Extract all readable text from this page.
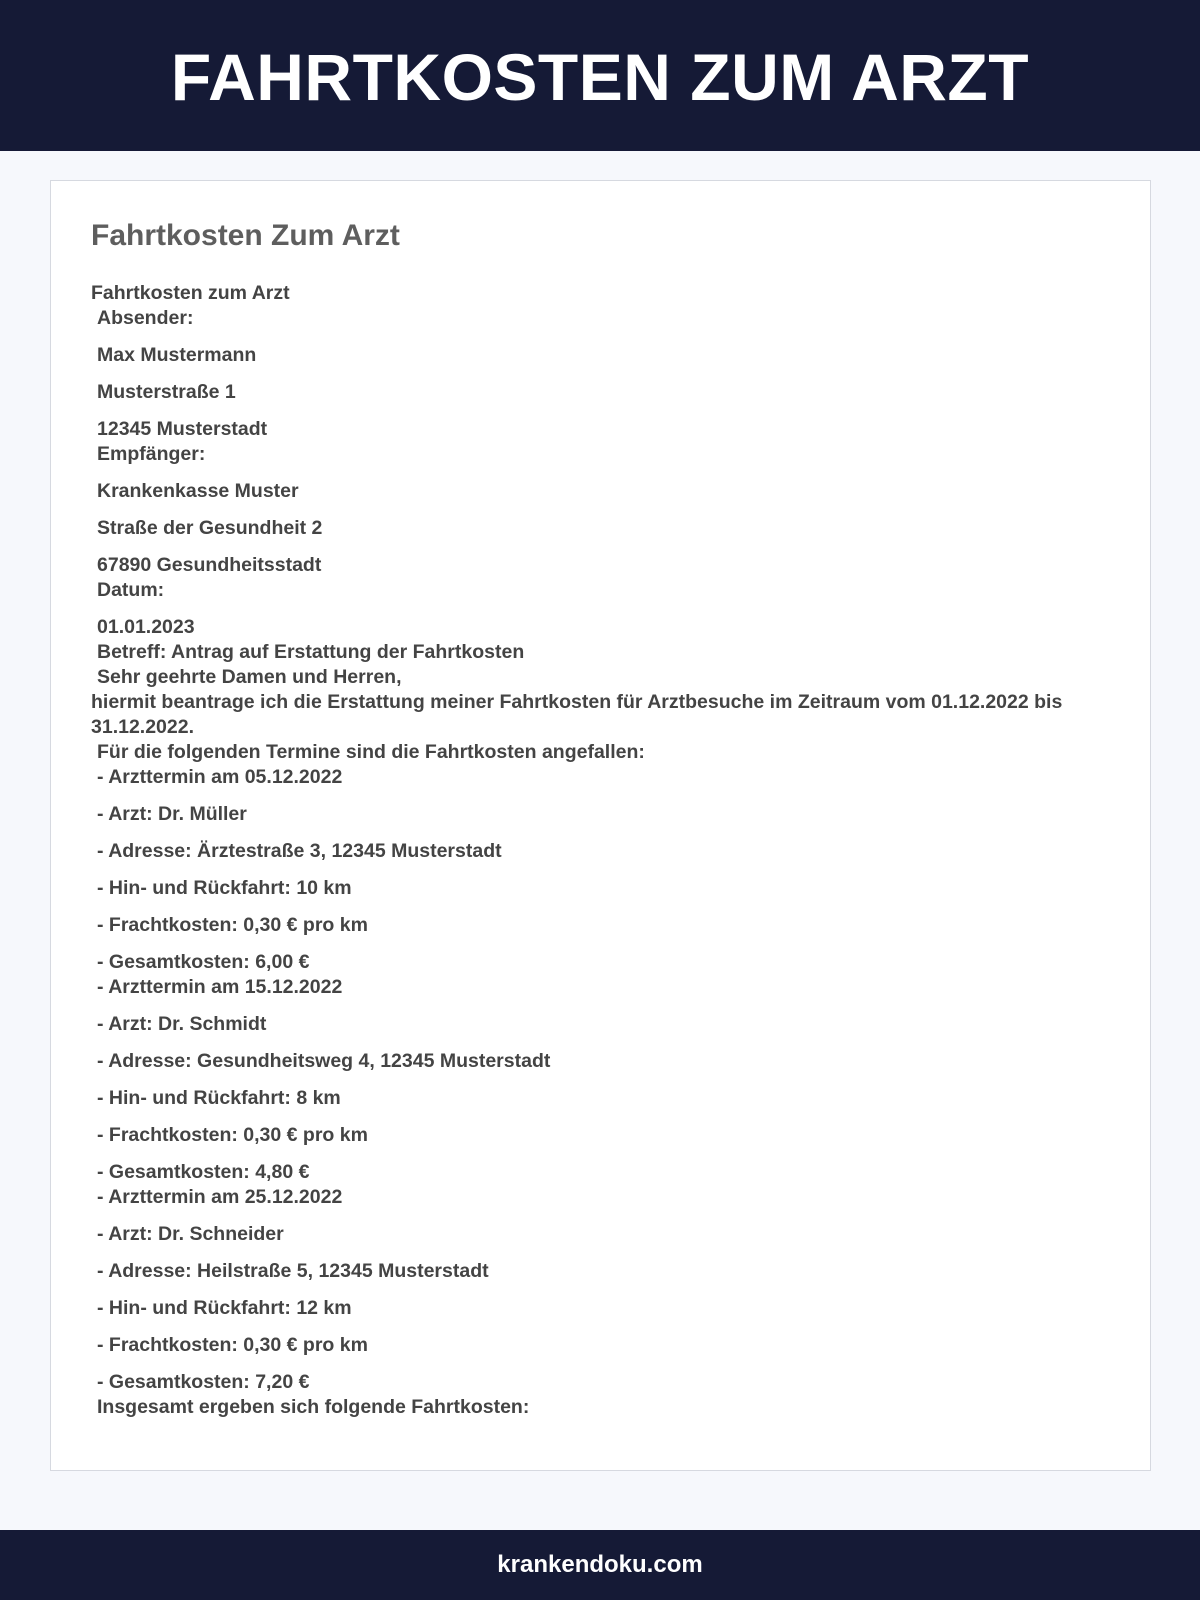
FAHRTKOSTEN ZUM ARZT
Fahrtkosten Zum Arzt
Fahrtkosten zum Arzt
Absender:
Max Mustermann
Musterstraße 1
12345 Musterstadt
Empfänger:
Krankenkasse Muster
Straße der Gesundheit 2
67890 Gesundheitsstadt
Datum:
01.01.2023
Betreff: Antrag auf Erstattung der Fahrtkosten
Sehr geehrte Damen und Herren,
hiermit beantrage ich die Erstattung meiner Fahrtkosten für Arztbesuche im Zeitraum vom 01.12.2022 bis 31.12.2022.
Für die folgenden Termine sind die Fahrtkosten angefallen:
- Arzttermin am 05.12.2022
- Arzt: Dr. Müller
- Adresse: Ärztestraße 3, 12345 Musterstadt
- Hin- und Rückfahrt: 10 km
- Frachtkosten: 0,30 € pro km
- Gesamtkosten: 6,00 €
- Arzttermin am 15.12.2022
- Arzt: Dr. Schmidt
- Adresse: Gesundheitsweg 4, 12345 Musterstadt
- Hin- und Rückfahrt: 8 km
- Frachtkosten: 0,30 € pro km
- Gesamtkosten: 4,80 €
- Arzttermin am 25.12.2022
- Arzt: Dr. Schneider
- Adresse: Heilstraße 5, 12345 Musterstadt
- Hin- und Rückfahrt: 12 km
- Frachtkosten: 0,30 € pro km
- Gesamtkosten: 7,20 €
Insgesamt ergeben sich folgende Fahrtkosten:
krankendoku.com
